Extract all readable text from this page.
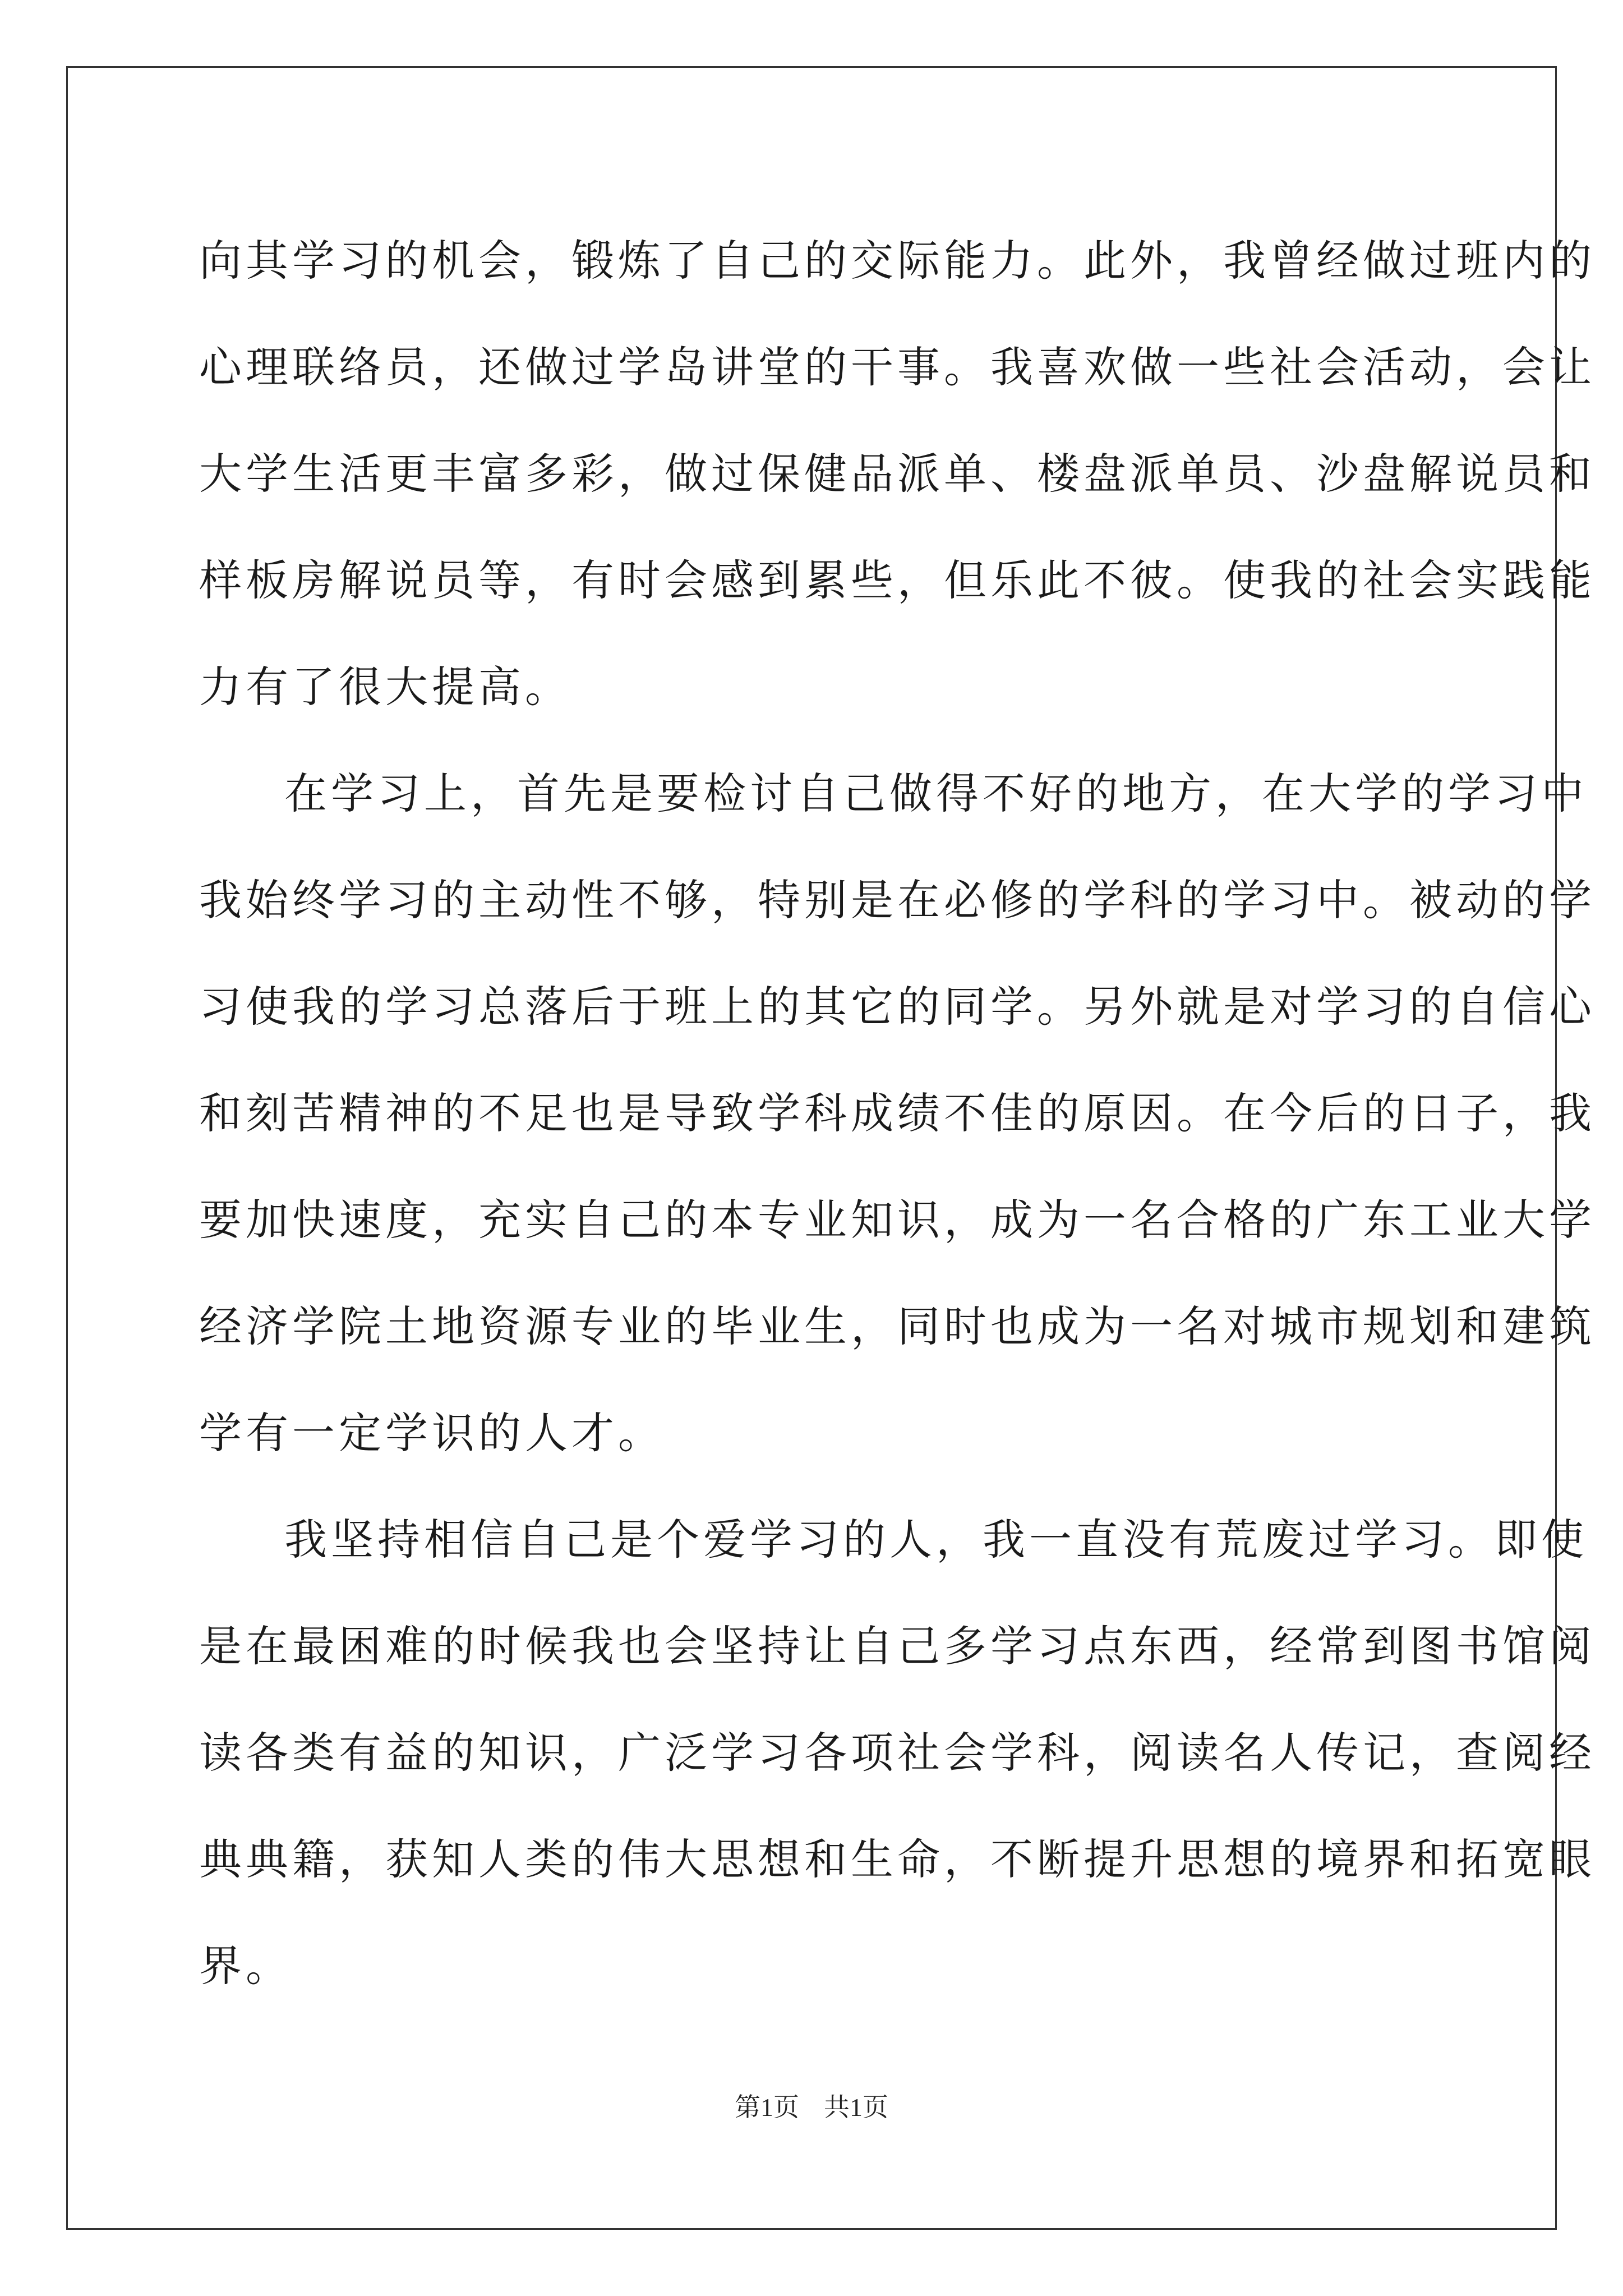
向其学习的机会，锻炼了自己的交际能力。此外，我曾经做过班内的
心理联络员，还做过学岛讲堂的干事。我喜欢做一些社会活动，会让
大学生活更丰富多彩，做过保健品派单、楼盘派单员、沙盘解说员和
样板房解说员等，有时会感到累些，但乐此不彼。使我的社会实践能
力有了很大提高。
在学习上，首先是要检讨自己做得不好的地方，在大学的学习中
我始终学习的主动性不够，特别是在必修的学科的学习中。被动的学
习使我的学习总落后于班上的其它的同学。另外就是对学习的自信心
和刻苦精神的不足也是导致学科成绩不佳的原因。在今后的日子，我
要加快速度，充实自己的本专业知识，成为一名合格的广东工业大学
经济学院土地资源专业的毕业生，同时也成为一名对城市规划和建筑
学有一定学识的人才。
我坚持相信自己是个爱学习的人，我一直没有荒废过学习。即使
是在最困难的时候我也会坚持让自己多学习点东西，经常到图书馆阅
读各类有益的知识，广泛学习各项社会学科，阅读名人传记，查阅经
典典籍，获知人类的伟大思想和生命，不断提升思想的境界和拓宽眼
界。
第1页 共1页
